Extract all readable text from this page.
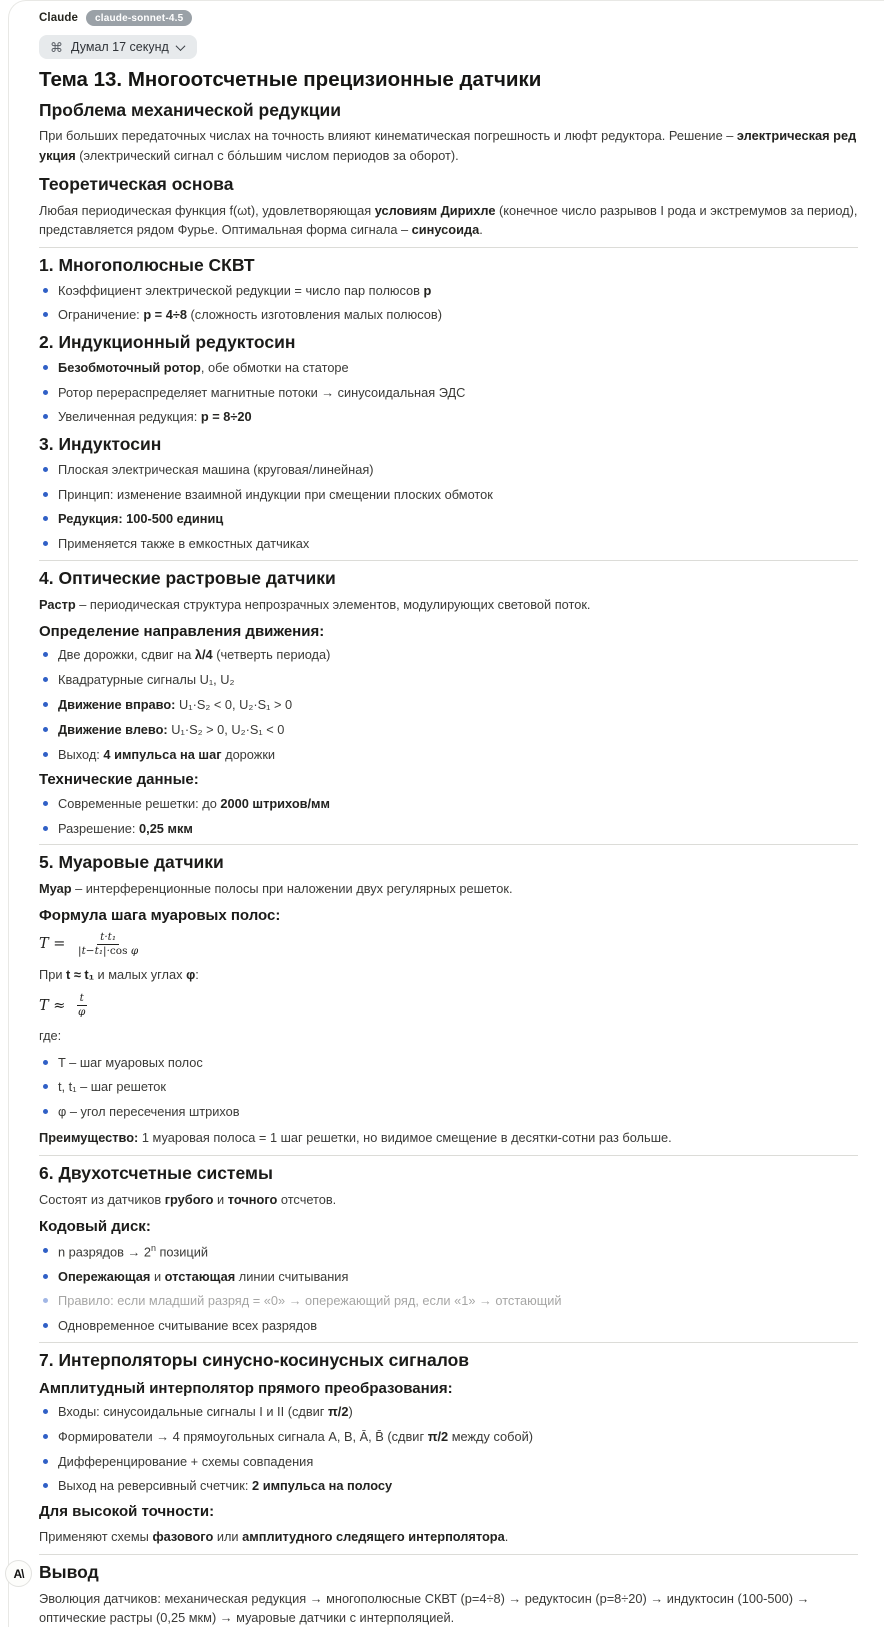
Claude	claude-sonnet-4.5
⌘ Думал 17 секунд
Тема 13. Многоотсчетные прецизионные датчики
Проблема механической редукции

При больших передаточных числах на точность влияют кинематическая погрешность и люфт редуктора. Решение – электрическая редукция (электрический сигнал с бо́льшим числом периодов за оборот).

Теоретическая основа

Любая периодическая функция f(ωt), удовлетворяющая условиям Дирихле (конечное число разрывов I рода и экстремумов за период), представляется рядом Фурье. Оптимальная форма сигнала – синусоида.

1. Многополюсные СКВТ
Коэффициент электрической редукции = число пар полюсов p
Ограничение: p = 4÷8 (сложность изготовления малых полюсов)
2. Индукционный редуктосин
Безобмоточный ротор, обе обмотки на статоре
Ротор перераспределяет магнитные потоки → синусоидальная ЭДС
Увеличенная редукция: p = 8÷20
3. Индуктосин
Плоская электрическая машина (круговая/линейная)
Принцип: изменение взаимной индукции при смещении плоских обмоток
Редукция: 100-500 единиц
Применяется также в емкостных датчиках
4. Оптические растровые датчики

Растр – периодическая структура непрозрачных элементов, модулирующих световой поток.

Определение направления движения:
Две дорожки, сдвиг на λ/4 (четверть периода)
Квадратурные сигналы U₁, U₂
Движение вправо: U₁·S₂ < 0, U₂·S₁ > 0
Движение влево: U₁·S₂ > 0, U₂·S₁ < 0
Выход: 4 импульса на шаг дорожки
Технические данные:
Современные решетки: до 2000 штрихов/мм
Разрешение: 0,25 мкм
5. Муаровые датчики

Муар – интерференционные полосы при наложении двух регулярных решеток.

Формула шага муаровых полос:
$T = \frac{\text{t·t₁}}{\text{|t−t₁|·cos φ}}$

При t ≈ t₁ и малых углах φ:

$T \approx \frac{t}{\varphi}$

где:

T – шаг муаровых полос
t, t₁ – шаг решеток
φ – угол пересечения штрихов

Преимущество: 1 муаровая полоса = 1 шаг решетки, но видимое смещение в десятки-сотни раз больше.

6. Двухотсчетные системы

Состоят из датчиков грубого и точного отсчетов.

Кодовый диск:
n разрядов → $2^n$ позиций
Опережающая и отстающая линии считывания
Правило: если младший разряд = «0» → опережающий ряд, если «1» → отстающий
Одновременное считывание всех разрядов
7. Интерполяторы синусно-косинусных сигналов
Амплитудный интерполятор прямого преобразования:
Входы: синусоидальные сигналы I и II (сдвиг π/2)
Формирователи → 4 прямоугольных сигнала A, B, Ā, B̄ (сдвиг π/2 между собой)
Дифференцирование + схемы совпадения
Выход на реверсивный счетчик: 2 импульса на полосу
Для высокой точности:

Применяют схемы фазового или амплитудного следящего интерполятора.

Вывод

Эволюция датчиков: механическая редукция → многополюсные СКВТ (p=4÷8) → редуктосин (p=8÷20) → индуктосин (100-500) → оптические растры (0,25 мкм) → муаровые датчики с интерполяцией.

A\
